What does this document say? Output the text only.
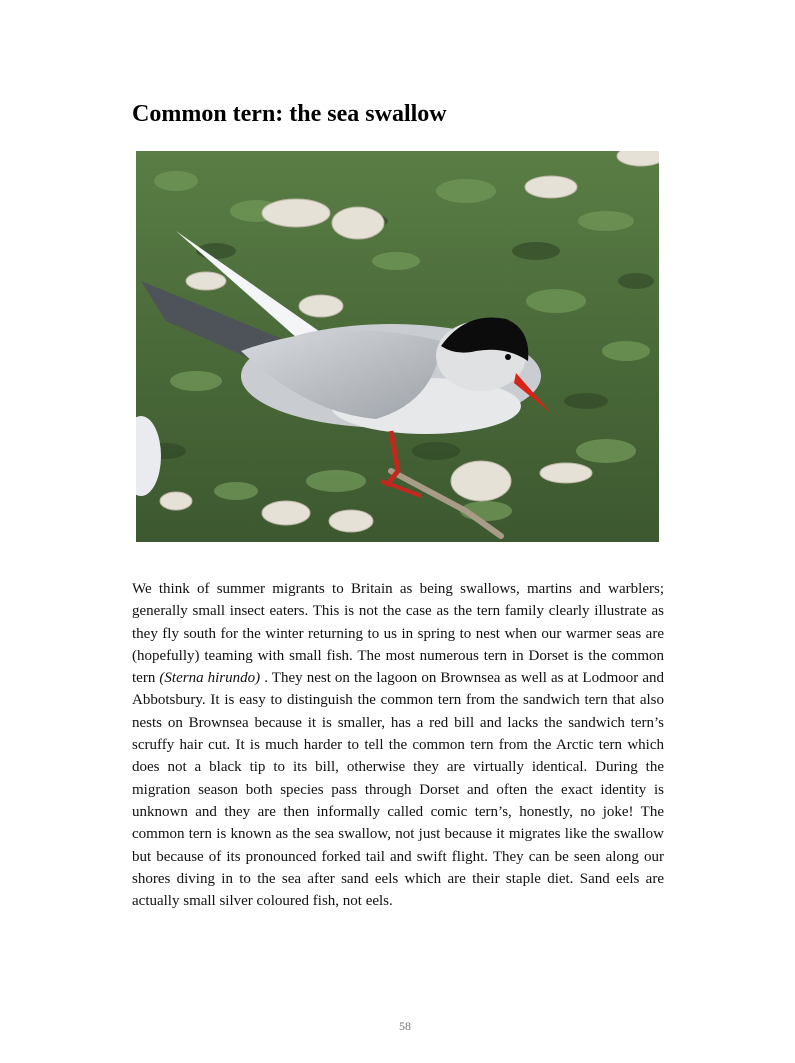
Common tern: the sea swallow

We think of summer migrants to Britain as being swallows, martins and warblers; generally small insect eaters. This is not the case as the tern family clearly illustrate as they fly south for the winter returning to us in spring to nest when our warmer seas are (hopefully) teaming with small fish. The most numerous tern in Dorset is the common tern (Sterna hirundo) . They nest on the lagoon on Brownsea as well as at Lodmoor and Abbotsbury. It is easy to distinguish the common tern from the sandwich tern that also nests on Brownsea because it is smaller, has a red bill and lacks the sandwich tern’s scruffy hair cut. It is much harder to tell the common tern from the Arctic tern which does not a black tip to its bill, otherwise they are virtually identical. During the migration season both species pass through Dorset and often the exact identity is unknown and they are then informally called comic tern’s, honestly, no joke! The common tern is known as the sea swallow, not just because it migrates like the swallow but because of its pronounced forked tail and swift flight. They can be seen along our shores diving in to the sea after sand eels which are their staple diet. Sand eels are actually small silver coloured fish, not eels.

58
